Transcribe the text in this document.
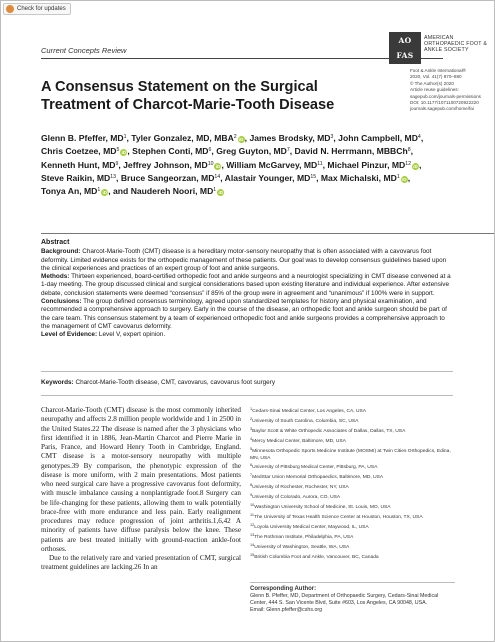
Check for updates
Current Concepts Review
AO
FAS
AMERICAN ORTHOPAEDIC FOOT & ANKLE SOCIETY
Foot & Ankle International®
2020, Vol. 41(7) 870–880
© The Author(s) 2020
Article reuse guidelines:
sagepub.com/journals-permissions
DOI: 10.1177/1071100720922220
journals.sagepub.com/home/fai
A Consensus Statement on the Surgical Treatment of Charcot-Marie-Tooth Disease
Glenn B. Pfeffer, $MD^1$, Tyler Gonzalez, MD, MBA$^2$ iD, James Brodsky, $MD^3$, John Campbell, $MD^4$, Chris Coetzee, $MD^5$ iD, Stephen Conti, $MD^6$, Greg Guyton, $MD^7$, David N. Herrmann, MBBCh$^8$, Kenneth Hunt, $MD^9$, Jeffrey Johnson, MD$^{10}$ iD, William McGarvey, MD$^{11}$, Michael Pinzur, MD$^{12}$ iD, Steve Raikin, MD$^{13}$, Bruce Sangeorzan, MD$^{14}$, Alastair Younger, MD$^{15}$, Max Michalski, $MD^1$ iD, Tonya An, $MD^1$ iD, and Naudereh Noori, $MD^1$ iD
Abstract

Background: Charcot-Marie-Tooth (CMT) disease is a hereditary motor-sensory neuropathy that is often associated with a cavovarus foot deformity. Limited evidence exists for the orthopedic management of these patients. Our goal was to develop consensus guidelines based upon the clinical experiences and practices of an expert group of foot and ankle surgeons.

Methods: Thirteen experienced, board-certified orthopedic foot and ankle surgeons and a neurologist specializing in CMT disease convened at a 1-day meeting. The group discussed clinical and surgical considerations based upon existing literature and individual experience. After extensive debate, conclusion statements were deemed “consensus” if 85% of the group were in agreement and “unanimous” if 100% were in support.

Conclusions: The group defined consensus terminology, agreed upon standardized templates for history and physical examination, and recommended a comprehensive approach to surgery. Early in the course of the disease, an orthopedic foot and ankle surgeon should be part of the care team. This consensus statement by a team of experienced orthopedic foot and ankle surgeons provides a comprehensive approach to the management of CMT cavovarus deformity.

Level of Evidence: Level V, expert opinion.

Keywords: Charcot-Marie-Tooth disease, CMT, cavovarus, cavovarus foot surgery

Charcot-Marie-Tooth (CMT) disease is the most commonly inherited neuropathy and affects 2.8 million people worldwide and 1 in 2500 in the United States.22 The disease is named after the 3 physicians who first identified it in 1886, Jean-Martin Charcot and Pierre Marie in Paris, France, and Howard Henry Tooth in Cambridge, England. CMT disease is a motor-sensory neuropathy with multiple genotypes.39 By comparison, the phenotypic expression of the disease is more uniform, with 2 main presentations. Most patients who need surgical care have a progressive cavovarus foot deformity, with muscle imbalance causing a nonplantigrade foot.8 Surgery can be life-changing for these patients, allowing them to walk potentially brace-free with more endurance and less pain. Early realignment procedures may reduce progression of joint arthritis.1,6,42 A minority of patients have diffuse paralysis below the knee. These patients are best treated initially with ground-reaction ankle-foot orthoses.

Due to the relatively rare and varied presentation of CMT, surgical treatment guidelines are lacking.26 In an

$^1$Cedars-Sinai Medical Center, Los Angeles, CA, USA
$^2$University of South Carolina, Columbia, SC, USA
$^3$Baylor Scott & White Orthopedic Associates of Dallas, Dallas, TX, USA
$^4$Mercy Medical Center, Baltimore, MD, USA
$^5$Minnesota Orthopedic Sports Medicine Institute (MOSMI) at Twin Cities Orthopedics, Edina, MN, USA
$^6$University of Pittsburg Medical Center, Pittsburg, PA, USA
$^7$MedStar Union Memorial Orthopaedics, Baltimore, MD, USA
$^8$University of Rochester, Rochester, NY, USA
$^9$University of Colorado, Aurora, CO, USA
$^{10}$Washington University School of Medicine, St. Louis, MO, USA
$^{11}$The University of Texas Health Science Center at Houston, Houston, TX, USA
$^{12}$Loyola University Medical Center, Maywood, IL, USA
$^{13}$The Rothman Institute, Philadelphia, PA, USA
$^{14}$University of Washington, Seattle, WA, USA
$^{15}$British Columbia Foot and Ankle, Vancouver, BC, Canada
Corresponding Author:
Glenn B. Pfeffer, MD, Department of Orthopaedic Surgery, Cedars-Sinai Medical Center, 444 S. San Vicente Blvd, Suite #603, Los Angeles, CA 90048, USA.
Email: Glenn.pfeffer@cshs.org
